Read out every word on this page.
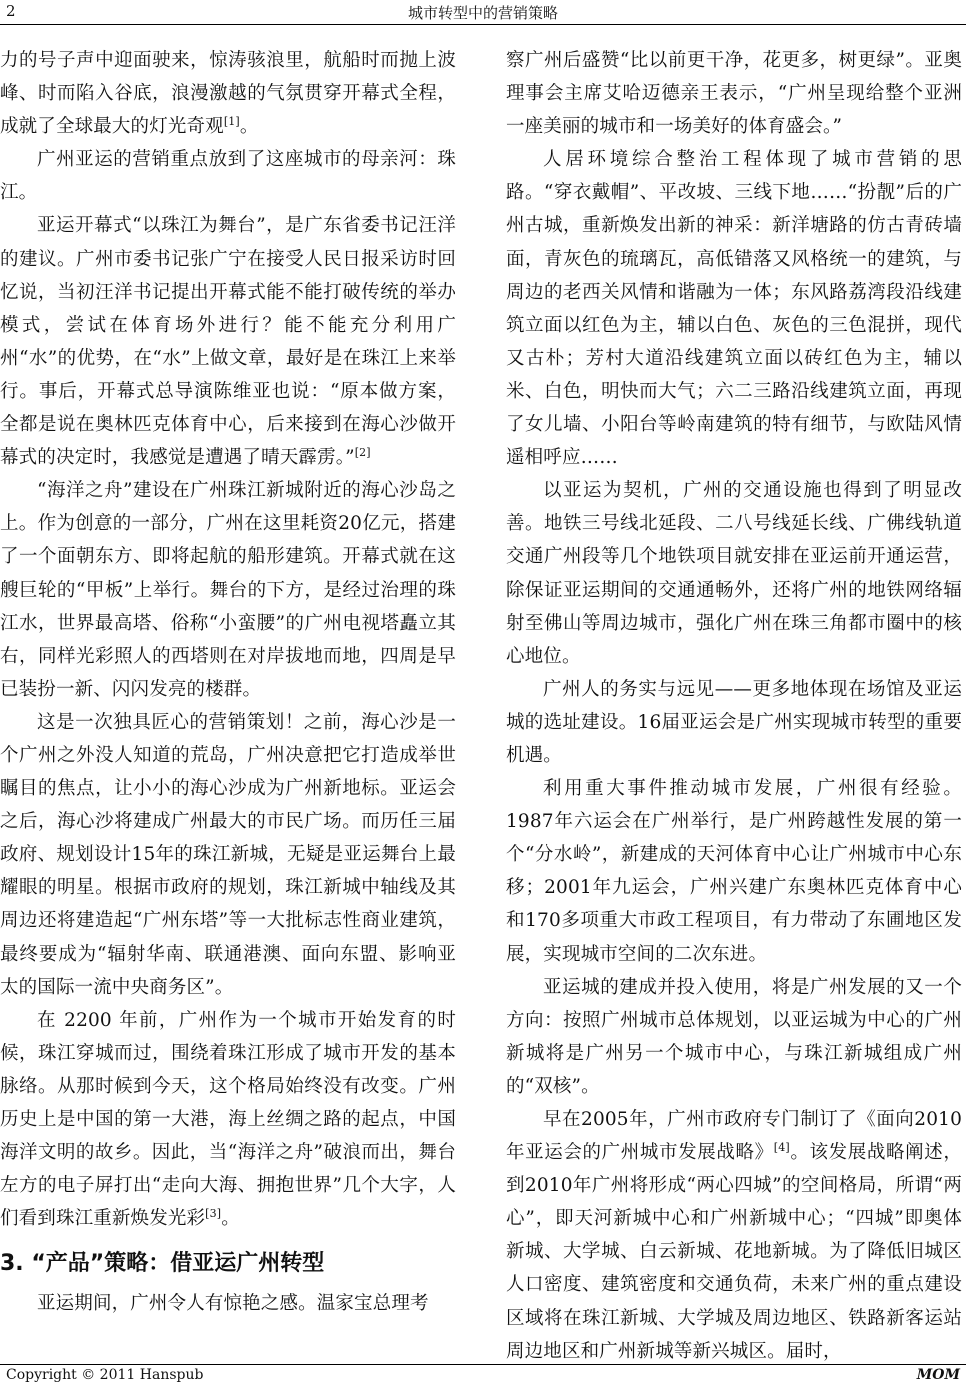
2	城市转型中的营销策略

力的号子声中迎面驶来，惊涛骇浪里，航船时而抛上波峰、时而陷入谷底，浪漫激越的气氛贯穿开幕式全程，成就了全球最大的灯光奇观[1]。

广州亚运的营销重点放到了这座城市的母亲河：珠江。

亚运开幕式“以珠江为舞台”，是广东省委书记汪洋的建议。广州市委书记张广宁在接受人民日报采访时回忆说，当初汪洋书记提出开幕式能不能打破传统的举办模式，尝试在体育场外进行？能不能充分利用广州“水”的优势，在“水”上做文章，最好是在珠江上来举行。事后，开幕式总导演陈维亚也说：“原本做方案，全都是说在奥林匹克体育中心，后来接到在海心沙做开幕式的决定时，我感觉是遭遇了晴天霹雳。”[2]

“海洋之舟”建设在广州珠江新城附近的海心沙岛之上。作为创意的一部分，广州在这里耗资20亿元，搭建了一个面朝东方、即将起航的船形建筑。开幕式就在这艘巨轮的“甲板”上举行。舞台的下方，是经过治理的珠江水，世界最高塔、俗称“小蛮腰”的广州电视塔矗立其右，同样光彩照人的西塔则在对岸拔地而地，四周是早已装扮一新、闪闪发亮的楼群。

这是一次独具匠心的营销策划！之前，海心沙是一个广州之外没人知道的荒岛，广州决意把它打造成举世瞩目的焦点，让小小的海心沙成为广州新地标。亚运会之后，海心沙将建成广州最大的市民广场。而历任三届政府、规划设计15年的珠江新城，无疑是亚运舞台上最耀眼的明星。根据市政府的规划，珠江新城中轴线及其周边还将建造起“广州东塔”等一大批标志性商业建筑，最终要成为“辐射华南、联通港澳、面向东盟、影响亚太的国际一流中央商务区”。

在 2200 年前，广州作为一个城市开始发育的时候，珠江穿城而过，围绕着珠江形成了城市开发的基本脉络。从那时候到今天，这个格局始终没有改变。广州历史上是中国的第一大港，海上丝绸之路的起点，中国海洋文明的故乡。因此，当“海洋之舟”破浪而出，舞台左方的电子屏打出“走向大海、拥抱世界”几个大字，人们看到珠江重新焕发光彩[3]。

3. “产品”策略：借亚运广州转型

亚运期间，广州令人有惊艳之感。温家宝总理考

察广州后盛赞“比以前更干净，花更多，树更绿”。亚奥理事会主席艾哈迈德亲王表示，“广州呈现给整个亚洲一座美丽的城市和一场美好的体育盛会。”

人居环境综合整治工程体现了城市营销的思路。“穿衣戴帽”、平改坡、三线下地……“扮靓”后的广州古城，重新焕发出新的神采：新洋塘路的仿古青砖墙面，青灰色的琉璃瓦，高低错落又风格统一的建筑，与周边的老西关风情和谐融为一体；东风路荔湾段沿线建筑立面以红色为主，辅以白色、灰色的三色混拼，现代又古朴；芳村大道沿线建筑立面以砖红色为主，辅以米、白色，明快而大气；六二三路沿线建筑立面，再现了女儿墙、小阳台等岭南建筑的特有细节，与欧陆风情遥相呼应……

以亚运为契机，广州的交通设施也得到了明显改善。地铁三号线北延段、二八号线延长线、广佛线轨道交通广州段等几个地铁项目就安排在亚运前开通运营，除保证亚运期间的交通通畅外，还将广州的地铁网络辐射至佛山等周边城市，强化广州在珠三角都市圈中的核心地位。

广州人的务实与远见——更多地体现在场馆及亚运城的选址建设。16届亚运会是广州实现城市转型的重要机遇。

利用重大事件推动城市发展，广州很有经验。1987年六运会在广州举行，是广州跨越性发展的第一个“分水岭”，新建成的天河体育中心让广州城市中心东移；2001年九运会，广州兴建广东奥林匹克体育中心和170多项重大市政工程项目，有力带动了东圃地区发展，实现城市空间的二次东进。

亚运城的建成并投入使用，将是广州发展的又一个方向：按照广州城市总体规划，以亚运城为中心的广州新城将是广州另一个城市中心，与珠江新城组成广州的“双核”。

早在2005年，广州市政府专门制订了《面向2010年亚运会的广州城市发展战略》[4]。该发展战略阐述，到2010年广州将形成“两心四城”的空间格局，所谓“两心”，即天河新城中心和广州新城中心；“四城”即奥体新城、大学城、白云新城、花地新城。为了降低旧城区人口密度、建筑密度和交通负荷，未来广州的重点建设区域将在珠江新城、大学城及周边地区、铁路新客运站周边地区和广州新城等新兴城区。届时，

Copyright © 2011 Hanspub	MOM
